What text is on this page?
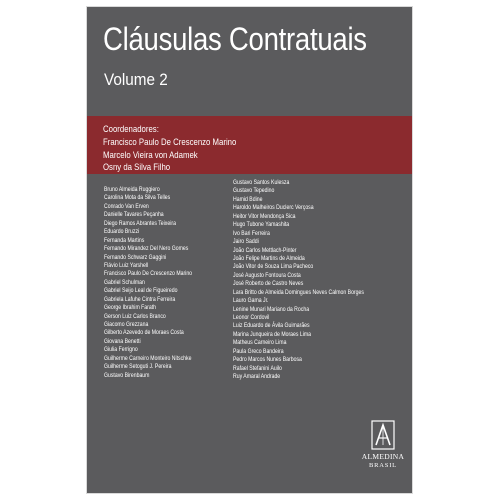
Cláusulas Contratuais
Volume 2
Coordenadores:
Francisco Paulo De Crescenzo Marino
Marcelo Vieira von Adamek
Osny da Silva Filho
Bruno Almeida Ruggiero
Carolina Mota da Silva Telles
Conrado Van Erven
Danielle Tavares Peçanha
Diego Ramos Abrantes Teixeira
Eduardo Bruzzi
Fernanda Martins
Fernando Mirandez Del Nero Gomes
Fernando Schwarz Gaggini
Flávio Luiz Yarshell
Francisco Paulo De Crescenzo Marino
Gabriel Schulman
Gabriel Seijo Leal de Figueiredo
Gabriela Lafuhe Cintra Ferreira
George Ibrahim Farath
Gerson Luiz Carlos Branco
Giacomo Grezzana
Gilberto Azevedo de Moraes Costa
Giovana Benetti
Giulia Ferrigno
Guilherme Carneiro Monteiro Nitschke
Guilherme Setoguti J. Pereira
Gustavo Birenbaum
Gustavo Santos Kulesza
Gustavo Tepedino
Hamid Bdine
Haroldo Malheiros Duclerc Verçosa
Heitor Vitor Mendonça Sica
Hugo Tubone Yamashita
Ivo Bari Ferreira
Jairo Saddi
João Carlos Mettlach-Pinter
João Felipe Martins de Almeida
João Vitor de Souza Lima Pacheco
José Augusto Fontoura Costa
José Roberto de Castro Neves
Lara Britto de Almeida Domingues Neves Calmon Borges
Lauro Gama Jr.
Lenine Munari Mariano da Rocha
Leonor Cordovil
Luiz Eduardo de Ávila Guimarães
Marina Junqueira de Moraes Lima
Matheus Carneiro Lima
Paula Greco Bandeira
Pedro Marcos Nunes Barbosa
Rafael Stefanini Auilo
Ruy Amaral Andrade
ALMEDINA
BRASIL
